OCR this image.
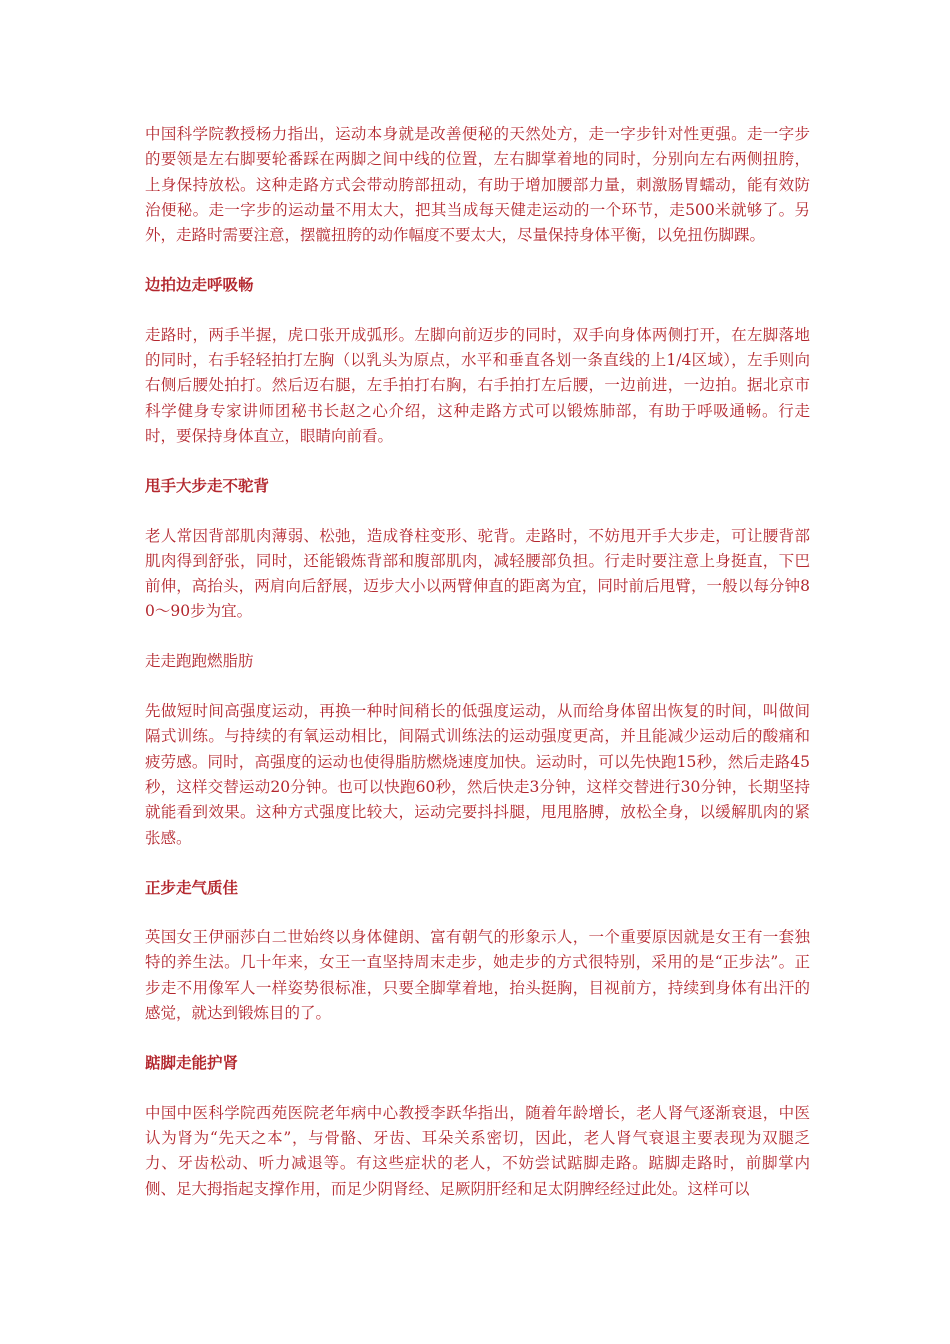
中国科学院教授杨力指出，运动本身就是改善便秘的天然处方，走一字步针对性更强。走一字步的要领是左右脚要轮番踩在两脚之间中线的位置，左右脚掌着地的同时，分别向左右两侧扭胯，上身保持放松。这种走路方式会带动胯部扭动，有助于增加腰部力量，刺激肠胃蠕动，能有效防治便秘。走一字步的运动量不用太大，把其当成每天健走运动的一个环节，走500米就够了。另外，走路时需要注意，摆髋扭胯的动作幅度不要太大，尽量保持身体平衡，以免扭伤脚踝。

边拍边走呼吸畅

走路时，两手半握，虎口张开成弧形。左脚向前迈步的同时，双手向身体两侧打开，在左脚落地的同时，右手轻轻拍打左胸（以乳头为原点，水平和垂直各划一条直线的上1/4区域），左手则向右侧后腰处拍打。然后迈右腿，左手拍打右胸，右手拍打左后腰，一边前进，一边拍。据北京市科学健身专家讲师团秘书长赵之心介绍，这种走路方式可以锻炼肺部，有助于呼吸通畅。行走时，要保持身体直立，眼睛向前看。

甩手大步走不驼背

老人常因背部肌肉薄弱、松弛，造成脊柱变形、驼背。走路时，不妨甩开手大步走，可让腰背部肌肉得到舒张，同时，还能锻炼背部和腹部肌肉，减轻腰部负担。行走时要注意上身挺直，下巴前伸，高抬头，两肩向后舒展，迈步大小以两臂伸直的距离为宜，同时前后甩臂，一般以每分钟80～90步为宜。

走走跑跑燃脂肪

先做短时间高强度运动，再换一种时间稍长的低强度运动，从而给身体留出恢复的时间，叫做间隔式训练。与持续的有氧运动相比，间隔式训练法的运动强度更高，并且能减少运动后的酸痛和疲劳感。同时，高强度的运动也使得脂肪燃烧速度加快。运动时，可以先快跑15秒，然后走路45秒，这样交替运动20分钟。也可以快跑60秒，然后快走3分钟，这样交替进行30分钟，长期坚持就能看到效果。这种方式强度比较大，运动完要抖抖腿，甩甩胳膊，放松全身，以缓解肌肉的紧张感。

正步走气质佳

英国女王伊丽莎白二世始终以身体健朗、富有朝气的形象示人，一个重要原因就是女王有一套独特的养生法。几十年来，女王一直坚持周末走步，她走步的方式很特别，采用的是“正步法”。正步走不用像军人一样姿势很标准，只要全脚掌着地，抬头挺胸，目视前方，持续到身体有出汗的感觉，就达到锻炼目的了。

踮脚走能护肾

中国中医科学院西苑医院老年病中心教授李跃华指出，随着年龄增长，老人肾气逐渐衰退，中医认为肾为“先天之本”，与骨骼、牙齿、耳朵关系密切，因此，老人肾气衰退主要表现为双腿乏力、牙齿松动、听力减退等。有这些症状的老人，不妨尝试踮脚走路。踮脚走路时，前脚掌内侧、足大拇指起支撑作用，而足少阴肾经、足厥阴肝经和足太阴脾经经过此处。这样可以
